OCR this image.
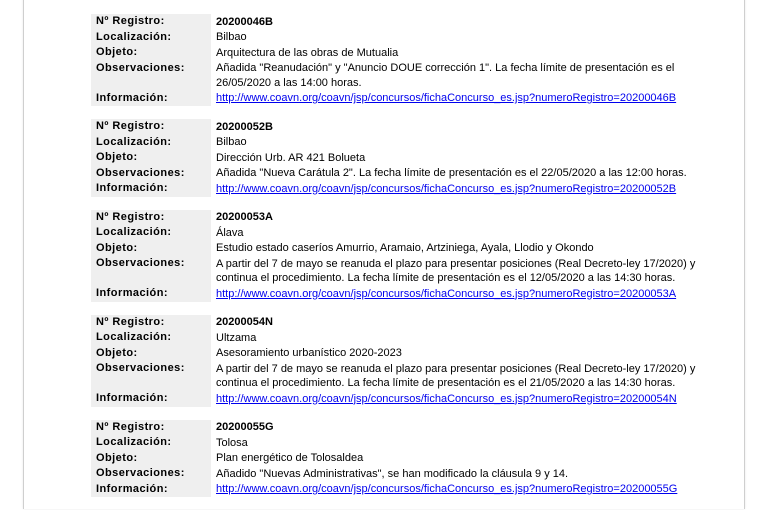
Nº Registro:	20200046B
Localización:	Bilbao
Objeto:	Arquitectura de las obras de Mutualia
Observaciones:	Añadida "Reanudación" y "Anuncio DOUE corrección 1". La fecha límite de presentación es el 26/05/2020 a las 14:00 horas.
Información:	http://www.coavn.org/coavn/jsp/concursos/fichaConcurso_es.jsp?numeroRegistro=20200046B
Nº Registro:	20200052B
Localización:	Bilbao
Objeto:	Dirección Urb. AR 421 Bolueta
Observaciones:	Añadida "Nueva Carátula 2". La fecha límite de presentación es el 22/05/2020 a las 12:00 horas.
Información:	http://www.coavn.org/coavn/jsp/concursos/fichaConcurso_es.jsp?numeroRegistro=20200052B
Nº Registro:	20200053A
Localización:	Álava
Objeto:	Estudio estado caseríos Amurrio, Aramaio, Artziniega, Ayala, Llodio y Okondo
Observaciones:	A partir del 7 de mayo se reanuda el plazo para presentar posiciones (Real Decreto-ley 17/2020) y continua el procedimiento. La fecha límite de presentación es el 12/05/2020 a las 14:30 horas.
Información:	http://www.coavn.org/coavn/jsp/concursos/fichaConcurso_es.jsp?numeroRegistro=20200053A
Nº Registro:	20200054N
Localización:	Ultzama
Objeto:	Asesoramiento urbanístico 2020-2023
Observaciones:	A partir del 7 de mayo se reanuda el plazo para presentar posiciones (Real Decreto-ley 17/2020) y continua el procedimiento. La fecha límite de presentación es el 21/05/2020 a las 14:30 horas.
Información:	http://www.coavn.org/coavn/jsp/concursos/fichaConcurso_es.jsp?numeroRegistro=20200054N
Nº Registro:	20200055G
Localización:	Tolosa
Objeto:	Plan energético de Tolosaldea
Observaciones:	Añadido "Nuevas Administrativas", se han modificado la cláusula 9 y 14.
Información:	http://www.coavn.org/coavn/jsp/concursos/fichaConcurso_es.jsp?numeroRegistro=20200055G
